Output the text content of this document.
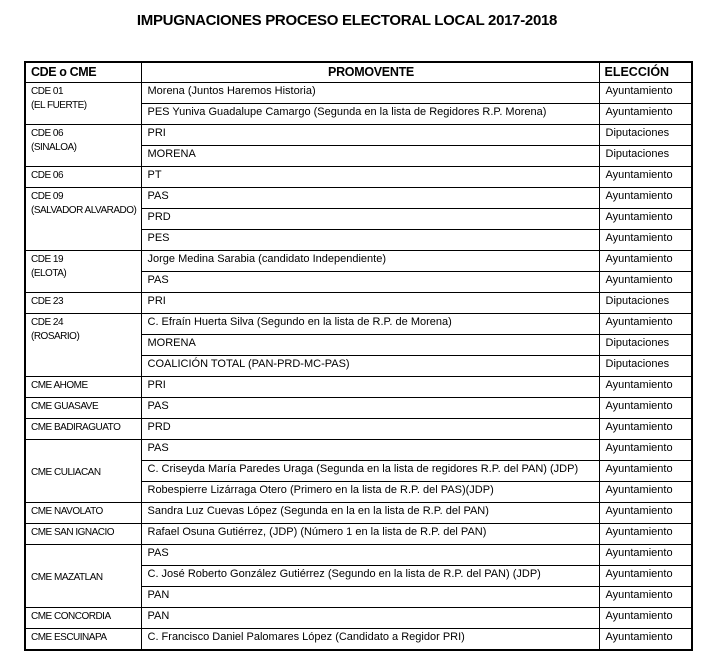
IMPUGNACIONES PROCESO ELECTORAL LOCAL 2017-2018
CDE o CME	PROMOVENTE	ELECCIÓN
CDE 01
(EL FUERTE)	Morena (Juntos Haremos Historia)	Ayuntamiento
	PES Yuniva Guadalupe Camargo (Segunda en la lista de Regidores R.P. Morena)	Ayuntamiento
CDE 06
(SINALOA)	PRI	Diputaciones
	MORENA	Diputaciones
CDE 06	PT	Ayuntamiento
CDE 09
(SALVADOR ALVARADO)	PAS	Ayuntamiento
	PRD	Ayuntamiento
	PES	Ayuntamiento
CDE 19
(ELOTA)	Jorge Medina Sarabia (candidato Independiente)	Ayuntamiento
	PAS	Ayuntamiento
CDE 23	PRI	Diputaciones
CDE 24
(ROSARIO)	C. Efraín Huerta Silva (Segundo en la lista de R.P. de Morena)	Ayuntamiento
	MORENA	Diputaciones
	COALICIÓN TOTAL (PAN-PRD-MC-PAS)	Diputaciones
CME AHOME	PRI	Ayuntamiento
CME GUASAVE	PAS	Ayuntamiento
CME BADIRAGUATO	PRD	Ayuntamiento
CME CULIACAN	PAS	Ayuntamiento
	C. Criseyda María Paredes Uraga (Segunda en la lista de regidores R.P. del PAN) (JDP)	Ayuntamiento
	Robespierre Lizárraga Otero (Primero en la lista de R.P. del PAS)(JDP)	Ayuntamiento
CME NAVOLATO	Sandra Luz Cuevas López (Segunda en la en la lista de R.P. del PAN)	Ayuntamiento
CME SAN IGNACIO	Rafael Osuna Gutiérrez, (JDP) (Número 1 en la lista de R.P. del PAN)	Ayuntamiento
CME MAZATLAN	PAS	Ayuntamiento
	C. José Roberto González Gutiérrez (Segundo en la lista de R.P. del PAN) (JDP)	Ayuntamiento
	PAN	Ayuntamiento
CME CONCORDIA	PAN	Ayuntamiento
CME ESCUINAPA	C. Francisco Daniel Palomares López (Candidato a Regidor PRI)	Ayuntamiento
